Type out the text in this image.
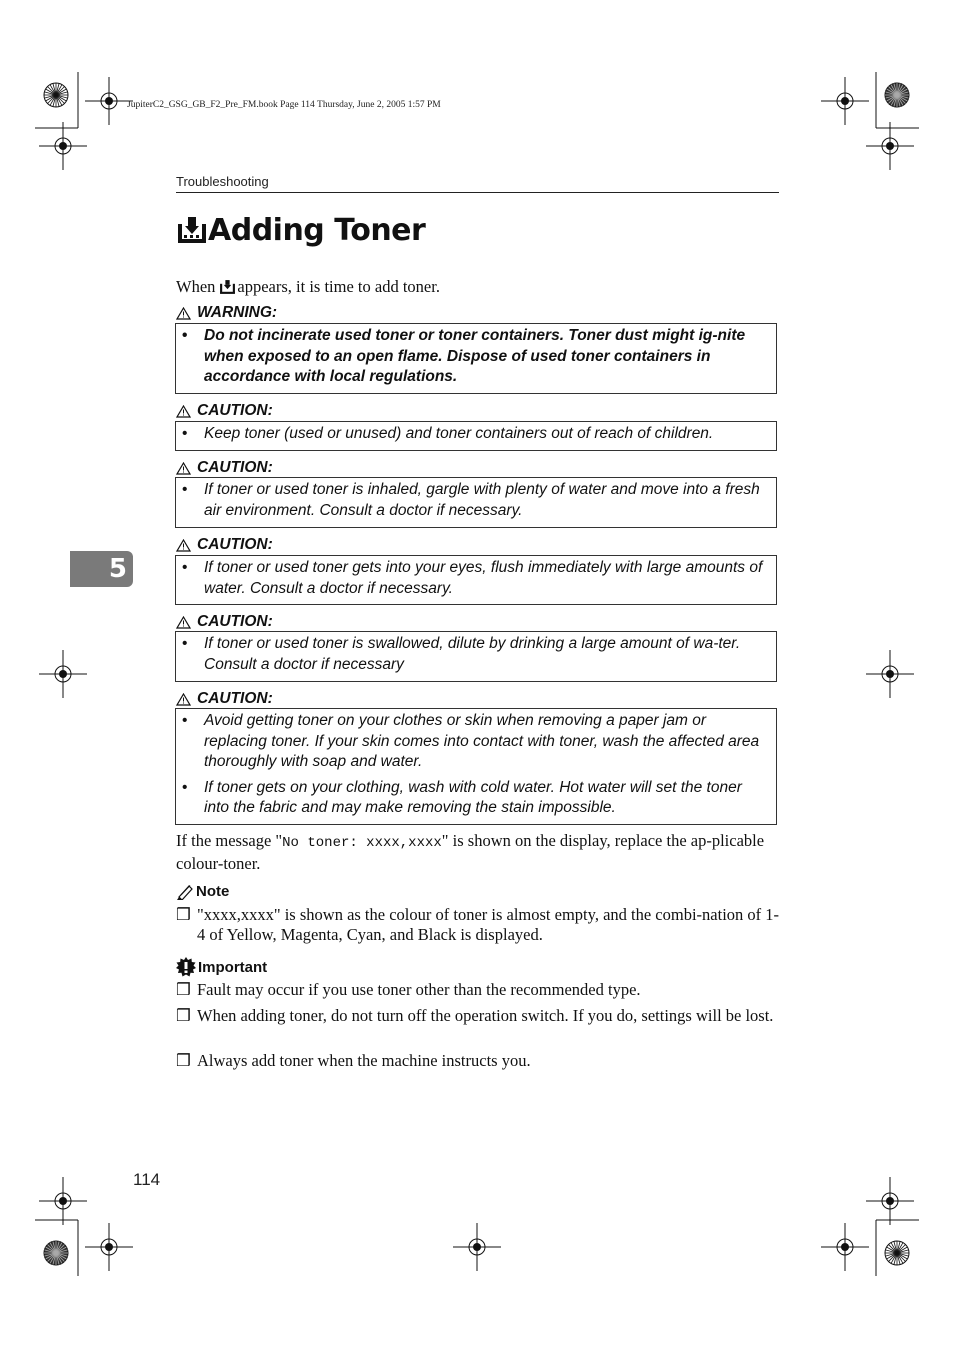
JupiterC2_GSG_GB_F2_Pre_FM.book Page 114 Thursday, June 2, 2005 1:57 PM
Troubleshooting
Adding Toner
When appears, it is time to add toner.
WARNING:
•	Do not incinerate used toner or toner containers. Toner dust might ig-nite when exposed to an open flame. Dispose of used toner containers in accordance with local regulations.
CAUTION:
•	Keep toner (used or unused) and toner containers out of reach of children.
CAUTION:
•	If toner or used toner is inhaled, gargle with plenty of water and move into a fresh air environment. Consult a doctor if necessary.
CAUTION:
•	If toner or used toner gets into your eyes, flush immediately with large amounts of water. Consult a doctor if necessary.
CAUTION:
•	If toner or used toner is swallowed, dilute by drinking a large amount of wa-ter. Consult a doctor if necessary
CAUTION:
•	Avoid getting toner on your clothes or skin when removing a paper jam or replacing toner. If your skin comes into contact with toner, wash the affected area thoroughly with soap and water.
•	If toner gets on your clothing, wash with cold water. Hot water will set the toner into the fabric and may make removing the stain impossible.
If the message "No toner: xxxx,xxxx" is shown on the display, replace the ap-plicable colour-toner.
Note
❒ "xxxx,xxxx" is shown as the colour of toner is almost empty, and the combi-nation of 1-4 of Yellow, Magenta, Cyan, and Black is displayed.
Important
❒ Fault may occur if you use toner other than the recommended type.
❒ When adding toner, do not turn off the operation switch. If you do, settings will be lost.
❒ Always add toner when the machine instructs you.
5
114
